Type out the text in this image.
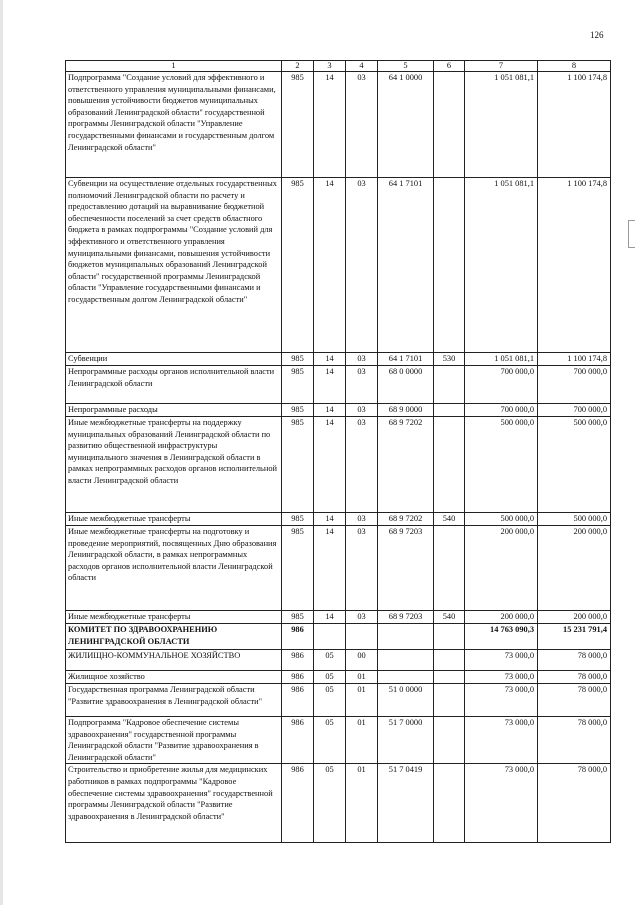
126
1	2	3	4	5	6	7	8
Подпрограмма "Создание условий для эффективного и ответственного управления муниципальными финансами, повышения устойчивости бюджетов муниципальных образований Ленинградской области" государственной программы Ленинградской области "Управление государственными финансами и государственным долгом Ленинградской области"	985	14	03	64 1 0000		1 051 081,1	1 100 174,8
Субвенции на осуществление отдельных государственных полномочий Ленинградской области по расчету и предоставлению дотаций на выравнивание бюджетной обеспеченности поселений за счет средств областного бюджета в рамках подпрограммы "Создание условий для эффективного и ответственного управления муниципальными финансами, повышения устойчивости бюджетов муниципальных образований Ленинградской области" государственной программы Ленинградской области "Управление государственными финансами и государственным долгом Ленинградской области"	985	14	03	64 1 7101		1 051 081,1	1 100 174,8
Субвенции	985	14	03	64 1 7101	530	1 051 081,1	1 100 174,8
Непрограммные расходы органов исполнительной власти Ленинградской области	985	14	03	68 0 0000		700 000,0	700 000,0
Непрограммные расходы	985	14	03	68 9 0000		700 000,0	700 000,0
Иные межбюджетные трансферты на поддержку муниципальных образований Ленинградской области по развитию общественной инфраструктуры муниципального значения в Ленинградской области в рамках непрограммных расходов органов исполнительной власти Ленинградской области	985	14	03	68 9 7202		500 000,0	500 000,0
Иные межбюджетные трансферты	985	14	03	68 9 7202	540	500 000,0	500 000,0
Иные межбюджетные трансферты на подготовку и проведение мероприятий, посвященных Дню образования Ленинградской области, в рамках непрограммных расходов органов исполнительной власти Ленинградской области	985	14	03	68 9 7203		200 000,0	200 000,0
Иные межбюджетные трансферты	985	14	03	68 9 7203	540	200 000,0	200 000,0
КОМИТЕТ ПО ЗДРАВООХРАНЕНИЮ ЛЕНИНГРАДСКОЙ ОБЛАСТИ	986					14 763 090,3	15 231 791,4
ЖИЛИЩНО-КОММУНАЛЬНОЕ ХОЗЯЙСТВО	986	05	00			73 000,0	78 000,0
Жилищное хозяйство	986	05	01			73 000,0	78 000,0
Государственная программа Ленинградской области "Развитие здравоохранения в Ленинградской области"	986	05	01	51 0 0000		73 000,0	78 000,0
Подпрограмма "Кадровое обеспечение системы здравоохранения" государственной программы Ленинградской области "Развитие здравоохранения в Ленинградской области"	986	05	01	51 7 0000		73 000,0	78 000,0
Строительство и приобретение жилья для медицинских работников в рамках подпрограммы "Кадровое обеспечение системы здравоохранения" государственной программы Ленинградской области "Развитие здравоохранения в Ленинградской области"	986	05	01	51 7 0419		73 000,0	78 000,0
